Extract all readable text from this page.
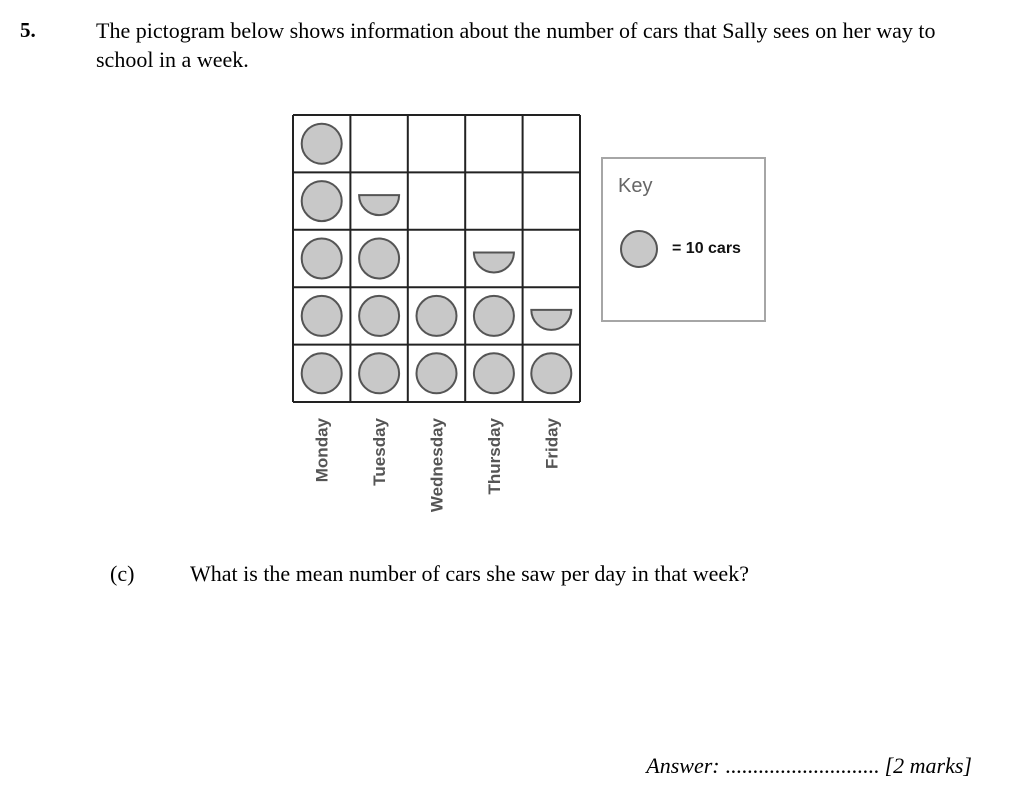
5.	The pictogram below shows information about the number of cars that Sally sees on her way to school in a week.
Monday Tuesday Wednesday Thursday Friday
Key
= 10 cars
(c)	What is the mean number of cars she saw per day in that week?
Answer: ............................ [2 marks]
